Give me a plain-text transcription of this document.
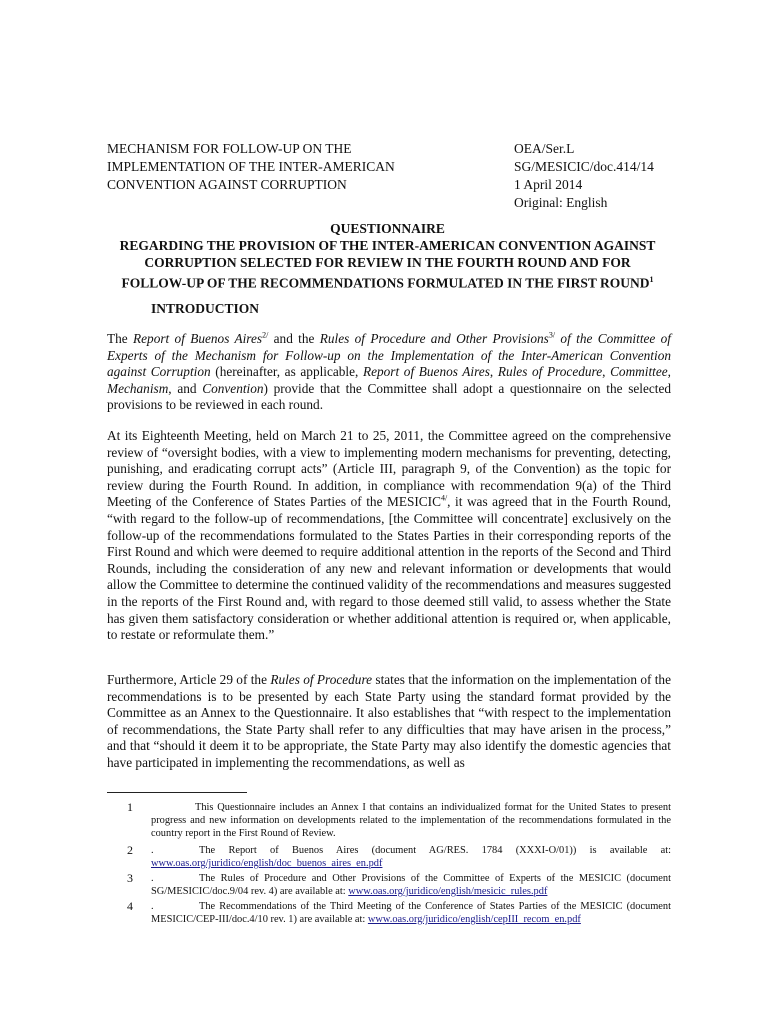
MECHANISM FOR FOLLOW-UP ON THE
IMPLEMENTATION OF THE INTER-AMERICAN
CONVENTION AGAINST CORRUPTION
OEA/Ser.L
SG/MESICIC/doc.414/14
1 April 2014
Original: English
QUESTIONNAIRE
REGARDING THE PROVISION OF THE INTER-AMERICAN CONVENTION AGAINST
CORRUPTION SELECTED FOR REVIEW IN THE FOURTH ROUND AND FOR
FOLLOW-UP OF THE RECOMMENDATIONS FORMULATED IN THE FIRST ROUND$^1$
INTRODUCTION
The Report of Buenos Aires$^{2/}$ and the Rules of Procedure and Other Provisions$^{3/}$ of the Committee of Experts of the Mechanism for Follow-up on the Implementation of the Inter-American Convention against Corruption (hereinafter, as applicable, Report of Buenos Aires, Rules of Procedure, Committee, Mechanism, and Convention) provide that the Committee shall adopt a questionnaire on the selected provisions to be reviewed in each round.
At its Eighteenth Meeting, held on March 21 to 25, 2011, the Committee agreed on the comprehensive review of “oversight bodies, with a view to implementing modern mechanisms for preventing, detecting, punishing, and eradicating corrupt acts” (Article III, paragraph 9, of the Convention) as the topic for review during the Fourth Round. In addition, in compliance with recommendation 9(a) of the Third Meeting of the Conference of States Parties of the $MESICIC^{4/}$, it was agreed that in the Fourth Round, “with regard to the follow-up of recommendations, [the Committee will concentrate] exclusively on the follow-up of the recommendations formulated to the States Parties in their corresponding reports of the First Round and which were deemed to require additional attention in the reports of the Second and Third Rounds, including the consideration of any new and relevant information or developments that would allow the Committee to determine the continued validity of the recommendations and measures suggested in the reports of the First Round and, with regard to those deemed still valid, to assess whether the State has given them satisfactory consideration or whether additional attention is required or, when applicable, to restate or reformulate them.”
Furthermore, Article 29 of the Rules of Procedure states that the information on the implementation of the recommendations is to be presented by each State Party using the standard format provided by the Committee as an Annex to the Questionnaire. It also establishes that “with respect to the implementation of recommendations, the State Party shall refer to any difficulties that may have arisen in the process,” and that “should it deem it to be appropriate, the State Party may also identify the domestic agencies that have participated in implementing the recommendations, as well as
1	This Questionnaire includes an Annex I that contains an individualized format for the United States to present progress and new information on developments related to the implementation of the recommendations formulated in the country report in the First Round of Review.
2 .	The Report of Buenos Aires (document AG/RES. 1784 (XXXI-O/01)) is available at: www.oas.org/juridico/english/doc_buenos_aires_en.pdf
3 .	The Rules of Procedure and Other Provisions of the Committee of Experts of the MESICIC (document SG/MESICIC/doc.9/04 rev. 4) are available at: www.oas.org/juridico/english/mesicic_rules.pdf
4 .	The Recommendations of the Third Meeting of the Conference of States Parties of the MESICIC (document MESICIC/CEP-III/doc.4/10 rev. 1) are available at: www.oas.org/juridico/english/cepIII_recom_en.pdf
